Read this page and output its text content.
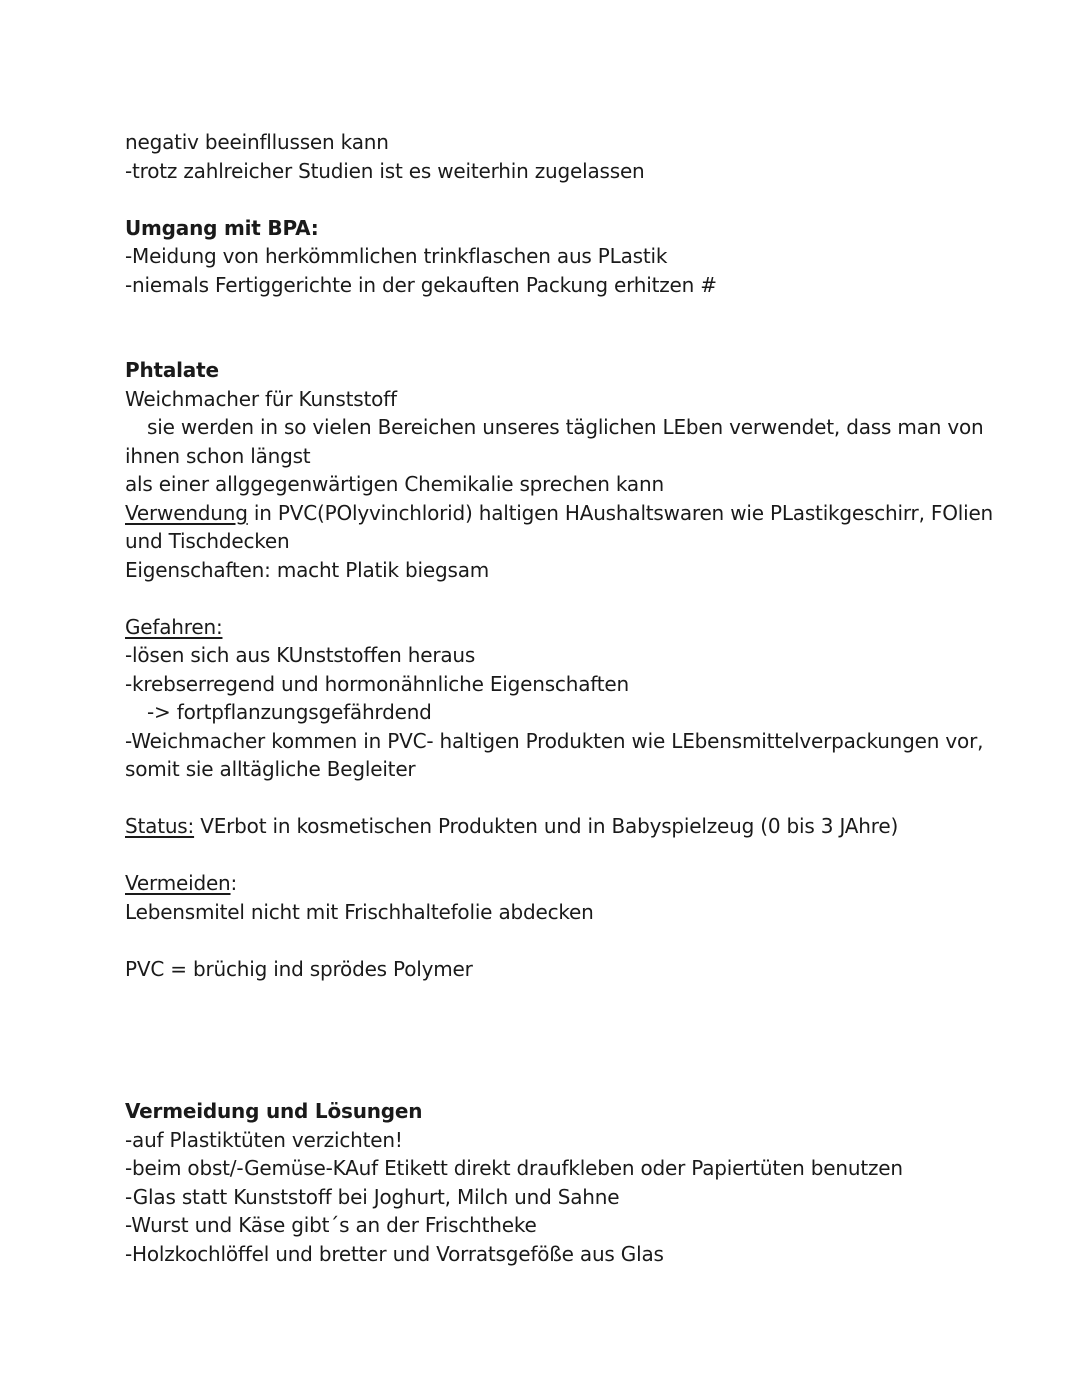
negativ beeinfllussen kann
-trotz zahlreicher Studien ist es weiterhin zugelassen
Umgang mit BPA:
-Meidung von herkömmlichen trinkflaschen aus PLastik
-niemals Fertiggerichte in der gekauften Packung erhitzen #
Phtalate
Weichmacher für Kunststoff
sie werden in so vielen Bereichen unseres täglichen LEben verwendet, dass man von
ihnen schon längst
als einer allggegenwärtigen Chemikalie sprechen kann
Verwendung in PVC(POlyvinchlorid) haltigen HAushaltswaren wie PLastikgeschirr, FOlien
und Tischdecken
Eigenschaften: macht Platik biegsam
Gefahren:
-lösen sich aus KUnststoffen heraus
-krebserregend und hormonähnliche Eigenschaften
-> fortpflanzungsgefährdend
-Weichmacher kommen in PVC- haltigen Produkten wie LEbensmittelverpackungen vor,
somit sie alltägliche Begleiter
Status: VErbot in kosmetischen Produkten und in Babyspielzeug (0 bis 3 JAhre)
Vermeiden:
Lebensmitel nicht mit Frischhaltefolie abdecken
PVC = brüchig ind sprödes Polymer
Vermeidung und Lösungen
-auf Plastiktüten verzichten!
-beim obst/-Gemüse-KAuf Etikett direkt draufkleben oder Papiertüten benutzen
-Glas statt Kunststoff bei Joghurt, Milch und Sahne
-Wurst und Käse gibt´s an der Frischtheke
-Holzkochlöffel und bretter und Vorratsgeföße aus Glas
